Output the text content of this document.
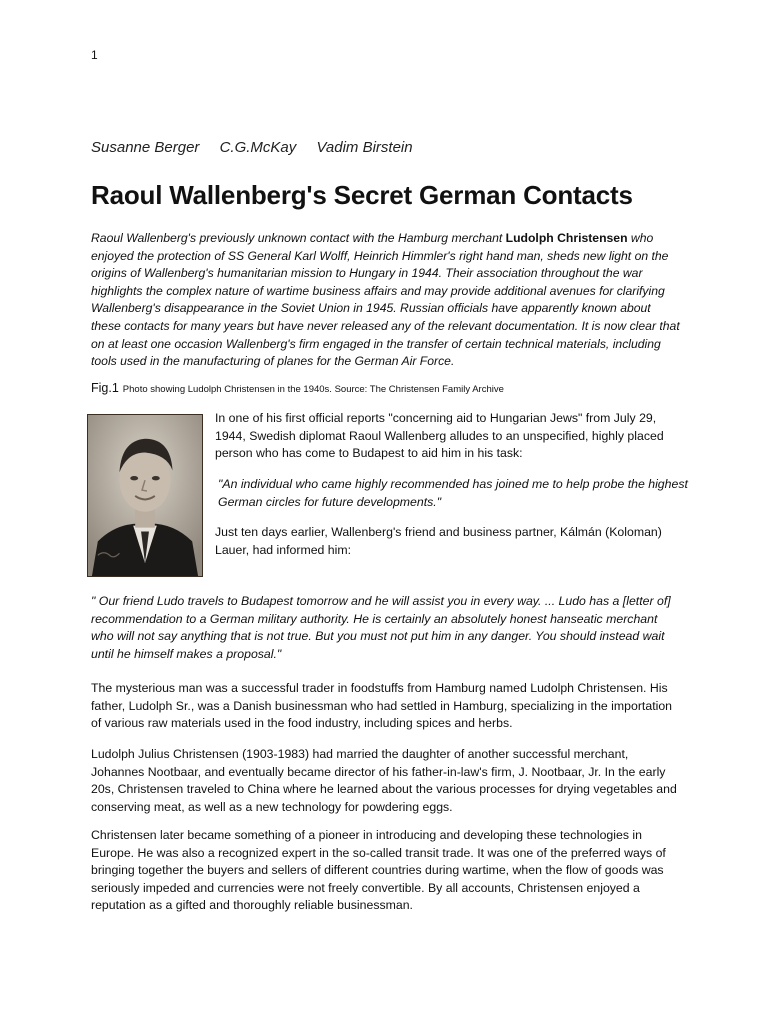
1
Susanne Berger C.G.McKay Vadim Birstein
Raoul Wallenberg's Secret German Contacts

Raoul Wallenberg's previously unknown contact with the Hamburg merchant Ludolph Christensen who enjoyed the protection of SS General Karl Wolff, Heinrich Himmler's right hand man, sheds new light on the origins of Wallenberg's humanitarian mission to Hungary in 1944. Their association throughout the war highlights the complex nature of wartime business affairs and may provide additional avenues for clarifying Wallenberg's disappearance in the Soviet Union in 1945. Russian officials have apparently known about these contacts for many years but have never released any of the relevant documentation. It is now clear that on at least one occasion Wallenberg's firm engaged in the transfer of certain technical materials, including tools used in the manufacturing of planes for the German Air Force.

Fig.1 Photo showing Ludolph Christensen in the 1940s. Source: The Christensen Family Archive

In one of his first official reports "concerning aid to Hungarian Jews" from July 29, 1944, Swedish diplomat Raoul Wallenberg alludes to an unspecified, highly placed person who has come to Budapest to aid him in his task:

"An individual who came highly recommended has joined me to help probe the highest German circles for future developments."

Just ten days earlier, Wallenberg's friend and business partner, Kálmán (Koloman) Lauer, had informed him:

" Our friend Ludo travels to Budapest tomorrow and he will assist you in every way. ... Ludo has a [letter of] recommendation to a German military authority. He is certainly an absolutely honest hanseatic merchant who will not say anything that is not true. But you must not put him in any danger. You should instead wait until he himself makes a proposal."

The mysterious man was a successful trader in foodstuffs from Hamburg named Ludolph Christensen. His father, Ludolph Sr., was a Danish businessman who had settled in Hamburg, specializing in the importation of various raw materials used in the food industry, including spices and herbs.

Ludolph Julius Christensen (1903-1983) had married the daughter of another successful merchant, Johannes Nootbaar, and eventually became director of his father-in-law's firm, J. Nootbaar, Jr. In the early 20s, Christensen traveled to China where he learned about the various processes for drying vegetables and conserving meat, as well as a new technology for powdering eggs.

Christensen later became something of a pioneer in introducing and developing these technologies in Europe. He was also a recognized expert in the so-called transit trade. It was one of the preferred ways of bringing together the buyers and sellers of different countries during wartime, when the flow of goods was seriously impeded and currencies were not freely convertible. By all accounts, Christensen enjoyed a reputation as a gifted and thoroughly reliable businessman.
